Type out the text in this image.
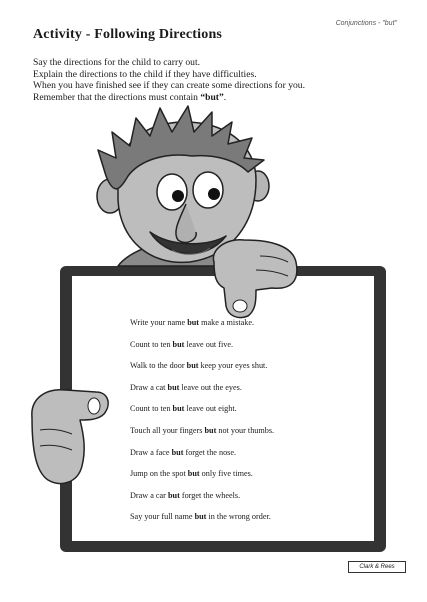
Conjunctions - "but"
Activity - Following Directions

Say the directions for the child to carry out.

Explain the directions to the child if they have difficulties.

When you have finished see if they can create some directions for you.

Remember that the directions must contain “but”.

Write your name but make a mistake.
Count to ten but leave out five.
Walk to the door but keep your eyes shut.
Draw a cat but leave out the eyes.
Count to ten but leave out eight.
Touch all your fingers but not your thumbs.
Draw a face but forget the nose.
Jump on the spot but only five times.
Draw a car but forget the wheels.
Say your full name but in the wrong order.
Clark & Rees
